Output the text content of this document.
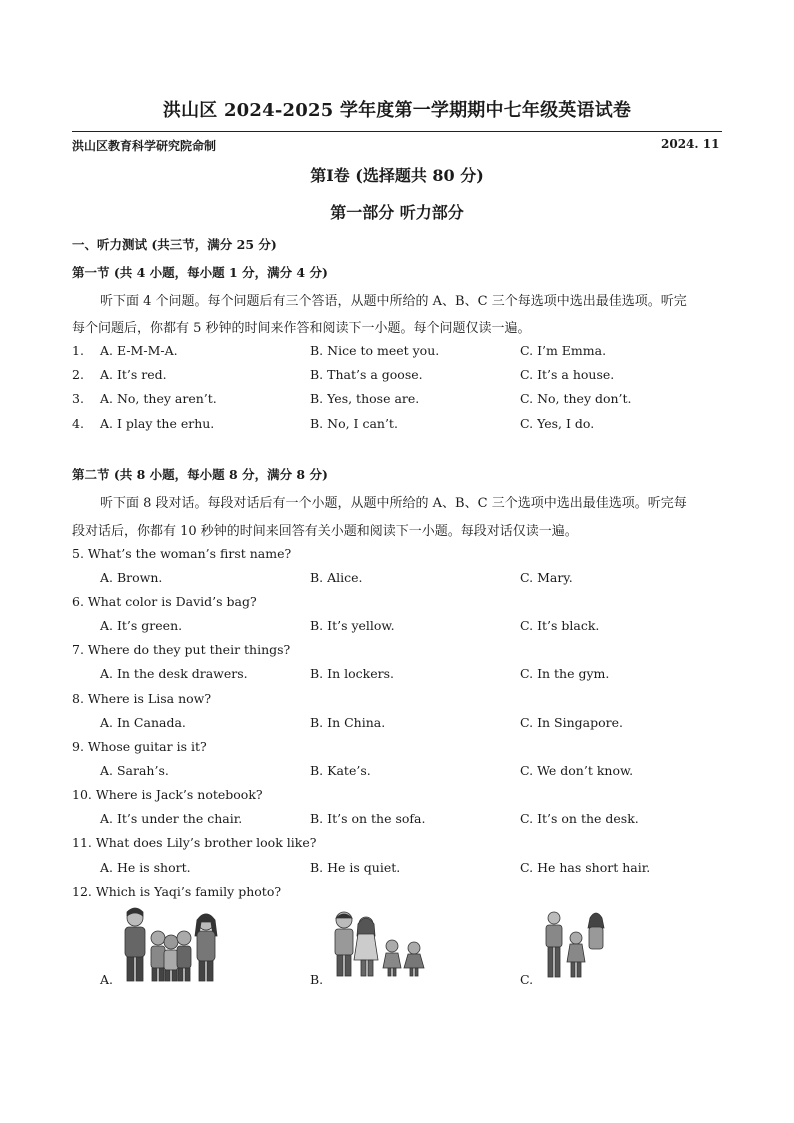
洪山区 2024-2025 学年度第一学期期中七年级英语试卷
洪山区教育科学研究院命制	2024. 11
第Ⅰ卷 (选择题共 80 分)
第一部分 听力部分
一、听力测试 (共三节，满分 25 分)
第一节 (共 4 小题，每小题 1 分，满分 4 分)
听下面 4 个问题。每个问题后有三个答语，从题中所给的 A、B、C 三个每选项中选出最佳选项。听完
每个问题后，你都有 5 秒钟的时间来作答和阅读下一小题。每个问题仅读一遍。
1. A. E-M-M-A.	B. Nice to meet you.	C. I’m Emma.
2. A. It’s red.	B. That’s a goose.	C. It’s a house.
3. A. No, they aren’t.	B. Yes, those are.	C. No, they don’t.
4. A. I play the erhu.	B. No, I can’t.	C. Yes, I do.
第二节 (共 8 小题，每小题 8 分，满分 8 分)
听下面 8 段对话。每段对话后有一个小题，从题中所给的 A、B、C 三个选项中选出最佳选项。听完每
段对话后，你都有 10 秒钟的时间来回答有关小题和阅读下一小题。每段对话仅读一遍。
5. What’s the woman’s first name?
A. Brown.	B. Alice.	C. Mary.
6. What color is David’s bag?
A. It’s green.	B. It’s yellow.	C. It’s black.
7. Where do they put their things?
A. In the desk drawers.	B. In lockers.	C. In the gym.
8. Where is Lisa now?
A. In Canada.	B. In China.	C. In Singapore.
9. Whose guitar is it?
A. Sarah’s.	B. Kate’s.	C. We don’t know.
10. Where is Jack’s notebook?
A. It’s under the chair.	B. It’s on the sofa.	C. It’s on the desk.
11. What does Lily’s brother look like?
A. He is short.	B. He is quiet.	C. He has short hair.
12. Which is Yaqi’s family photo?
A.	B.	C.
